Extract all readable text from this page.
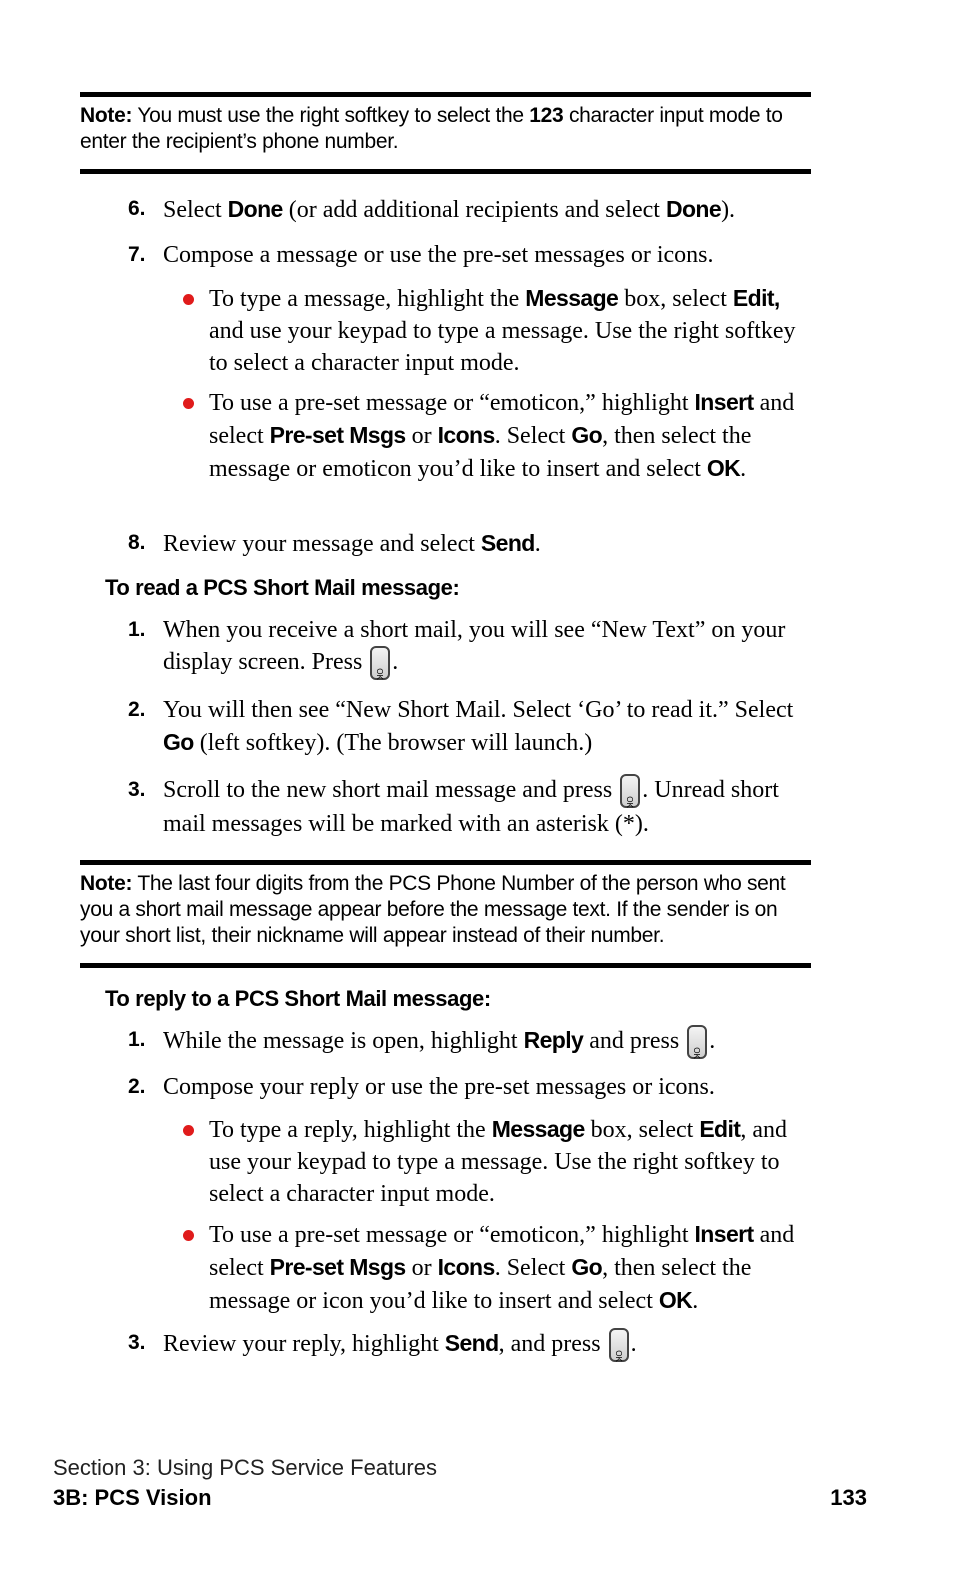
Note: You must use the right softkey to select the 123 character input mode to enter the recipient’s phone number.
6. Select Done (or add additional recipients and select Done).
7. Compose a message or use the pre-set messages or icons.
To type a message, highlight the Message box, select Edit, and use your keypad to type a message. Use the right softkey to select a character input mode.
To use a pre-set message or “emoticon,” highlight Insert and select Pre-set Msgs or Icons. Select Go, then select the message or emoticon you’d like to insert and select OK.
8. Review your message and select Send.
To read a PCS Short Mail message:
1. When you receive a short mail, you will see “New Text” on your display screen. Press OK.
2. You will then see “New Short Mail. Select ‘Go’ to read it.” Select Go (left softkey). (The browser will launch.)
3. Scroll to the new short mail message and press OK. Unread short mail messages will be marked with an asterisk (*).
Note: The last four digits from the PCS Phone Number of the person who sent you a short mail message appear before the message text. If the sender is on your short list, their nickname will appear instead of their number.
To reply to a PCS Short Mail message:
1. While the message is open, highlight Reply and press OK.
2. Compose your reply or use the pre-set messages or icons.
To type a reply, highlight the Message box, select Edit, and use your keypad to type a message. Use the right softkey to select a character input mode.
To use a pre-set message or “emoticon,” highlight Insert and select Pre-set Msgs or Icons. Select Go, then select the message or icon you’d like to insert and select OK.
3. Review your reply, highlight Send, and press OK.
Section 3: Using PCS Service Features
3B: PCS Vision	133
